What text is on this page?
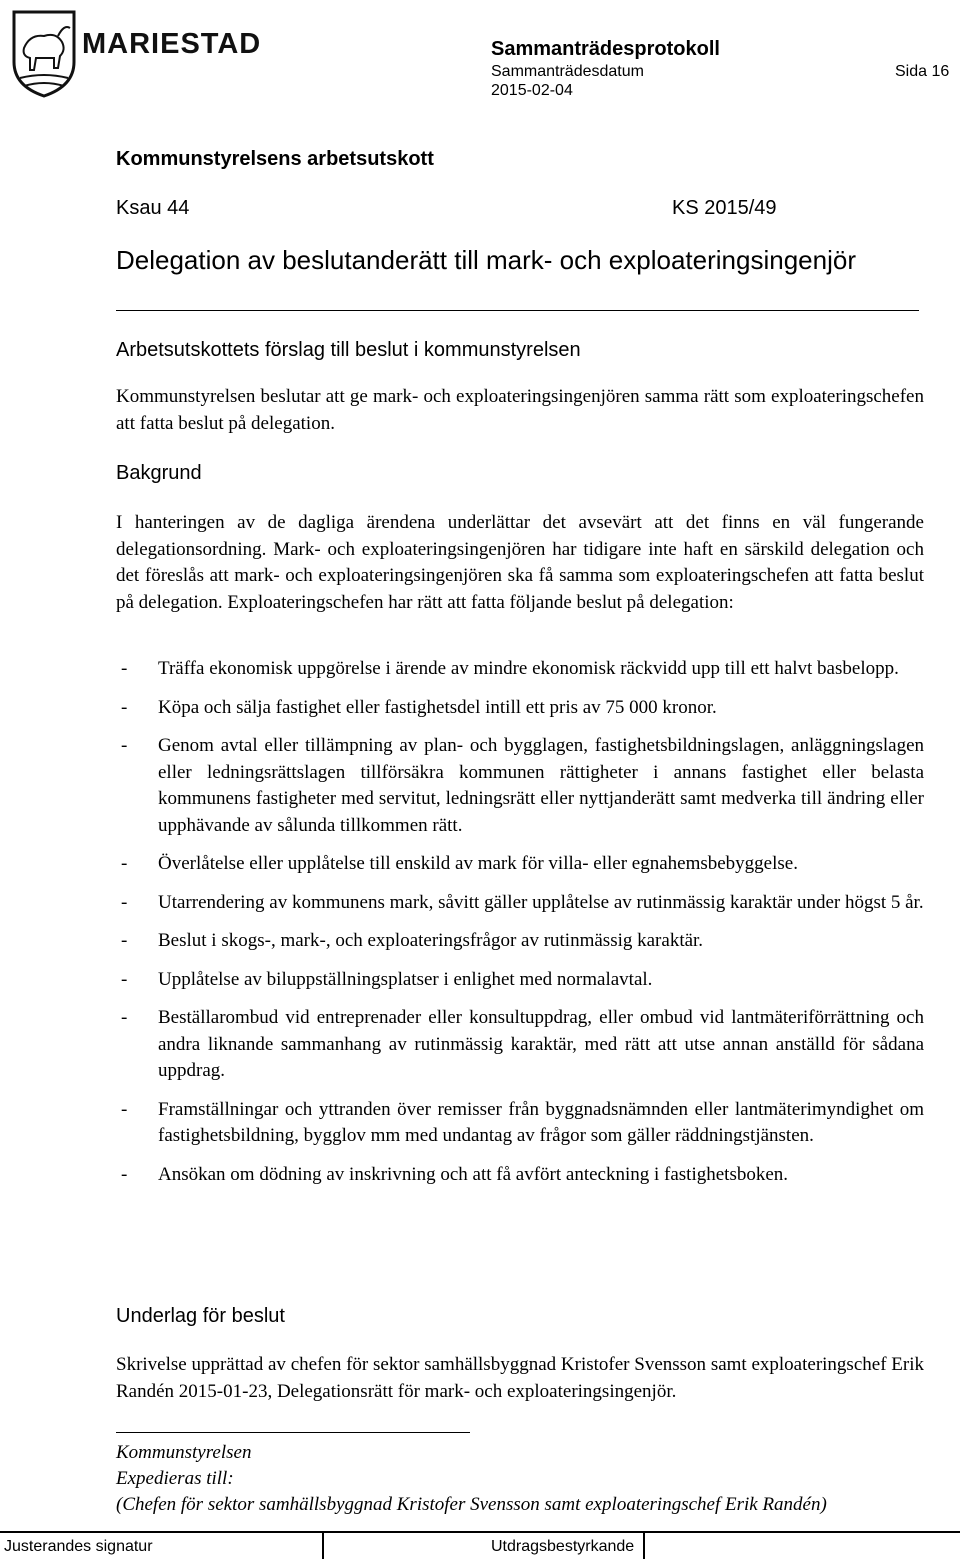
MARIESTAD	Sammanträdesprotokoll
Sammanträdesdatum
2015-02-04
Sida 16
Kommunstyrelsens arbetsutskott
Ksau 44	KS 2015/49
Delegation av beslutanderätt till mark- och exploateringsingenjör
Arbetsutskottets förslag till beslut i kommunstyrelsen
Kommunstyrelsen beslutar att ge mark- och exploateringsingenjören samma rätt som exploateringschefen att fatta beslut på delegation.
Bakgrund
I hanteringen av de dagliga ärendena underlättar det avsevärt att det finns en väl fungerande delegationsordning. Mark- och exploateringsingenjören har tidigare inte haft en särskild delegation och det föreslås att mark- och exploateringsingenjören ska få samma som exploateringschefen att fatta beslut på delegation. Exploateringschefen har rätt att fatta följande beslut på delegation:
- Träffa ekonomisk uppgörelse i ärende av mindre ekonomisk räckvidd upp till ett halvt basbelopp.
- Köpa och sälja fastighet eller fastighetsdel intill ett pris av 75 000 kronor.
- Genom avtal eller tillämpning av plan- och bygglagen, fastighetsbildningslagen, anläggningslagen eller ledningsrättslagen tillförsäkra kommunen rättigheter i annans fastighet eller belasta kommunens fastigheter med servitut, ledningsrätt eller nyttjanderätt samt medverka till ändring eller upphävande av sålunda tillkommen rätt.
- Överlåtelse eller upplåtelse till enskild av mark för villa- eller egnahemsbebyggelse.
- Utarrendering av kommunens mark, såvitt gäller upplåtelse av rutinmässig karaktär under högst 5 år.
- Beslut i skogs-, mark-, och exploateringsfrågor av rutinmässig karaktär.
- Upplåtelse av biluppställningsplatser i enlighet med normalavtal.
- Beställarombud vid entreprenader eller konsultuppdrag, eller ombud vid lantmäteriförrättning och andra liknande sammanhang av rutinmässig karaktär, med rätt att utse annan anställd för sådana uppdrag.
- Framställningar och yttranden över remisser från byggnadsnämnden eller lantmäterimyndighet om fastighetsbildning, bygglov mm med undantag av frågor som gäller räddningstjänsten.
- Ansökan om dödning av inskrivning och att få avfört anteckning i fastighetsboken.
Underlag för beslut
Skrivelse upprättad av chefen för sektor samhällsbyggnad Kristofer Svensson samt exploateringschef Erik Randén 2015-01-23, Delegationsrätt för mark- och exploateringsingenjör.
Kommunstyrelsen
Expedieras till:
(Chefen för sektor samhällsbyggnad Kristofer Svensson samt exploateringschef Erik Randén)
Justerandes signatur	Utdragsbestyrkande
